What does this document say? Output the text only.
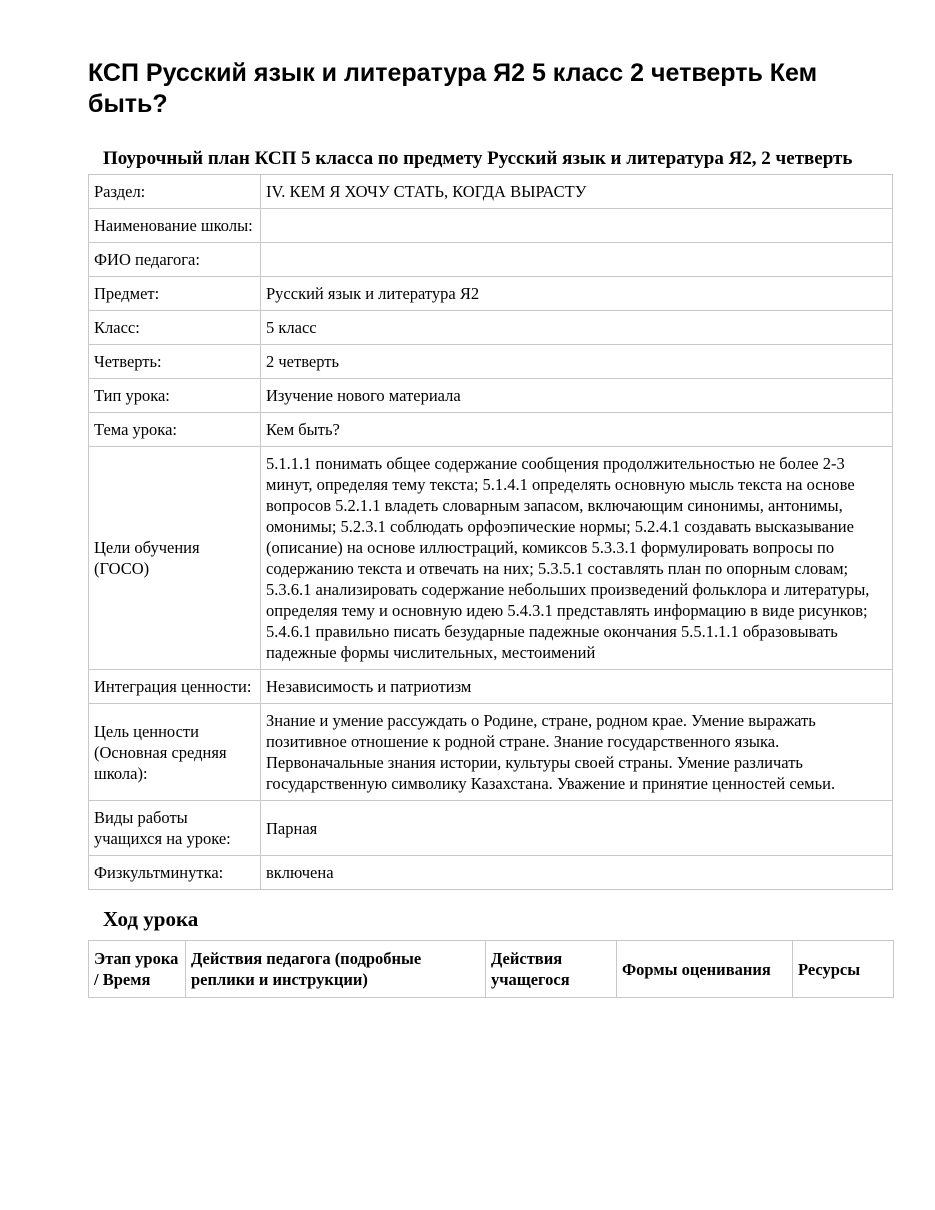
КСП Русский язык и литература Я2 5 класс 2 четверть Кем быть?
Поурочный план КСП 5 класса по предмету Русский язык и литература Я2, 2 четверть
Раздел:	IV. КЕМ Я ХОЧУ СТАТЬ, КОГДА ВЫРАСТУ
Наименование школы:	
ФИО педагога:	
Предмет:	Русский язык и литература Я2
Класс:	5 класс
Четверть:	2 четверть
Тип урока:	Изучение нового материала
Тема урока:	Кем быть?
Цели обучения (ГОСО)	5.1.1.1 понимать общее содержание сообщения продолжительностью не более 2-3 минут, определяя тему текста; 5.1.4.1 определять основную мысль текста на основе вопросов 5.2.1.1 владеть словарным запасом, включающим синонимы, антонимы, омонимы; 5.2.3.1 соблюдать орфоэпические нормы; 5.2.4.1 создавать высказывание (описание) на основе иллюстраций, комиксов 5.3.3.1 формулировать вопросы по содержанию текста и отвечать на них; 5.3.5.1 составлять план по опорным словам; 5.3.6.1 анализировать содержание небольших произведений фольклора и литературы, определяя тему и основную идею 5.4.3.1 представлять информацию в виде рисунков; 5.4.6.1 правильно писать безударные падежные окончания 5.5.1.1.1 образовывать падежные формы числительных, местоимений
Интеграция ценности:	Независимость и патриотизм
Цель ценности (Основная средняя школа):	Знание и умение рассуждать о Родине, стране, родном крае. Умение выражать позитивное отношение к родной стране. Знание государственного языка. Первоначальные знания истории, культуры своей страны. Умение различать государственную символику Казахстана. Уважение и принятие ценностей семьи.
Виды работы учащихся на уроке:	Парная
Физкультминутка:	включена
Ход урока
Этап урока / Время	Действия педагога (подробные реплики и инструкции)	Действия учащегося	Формы оценивания	Ресурсы
